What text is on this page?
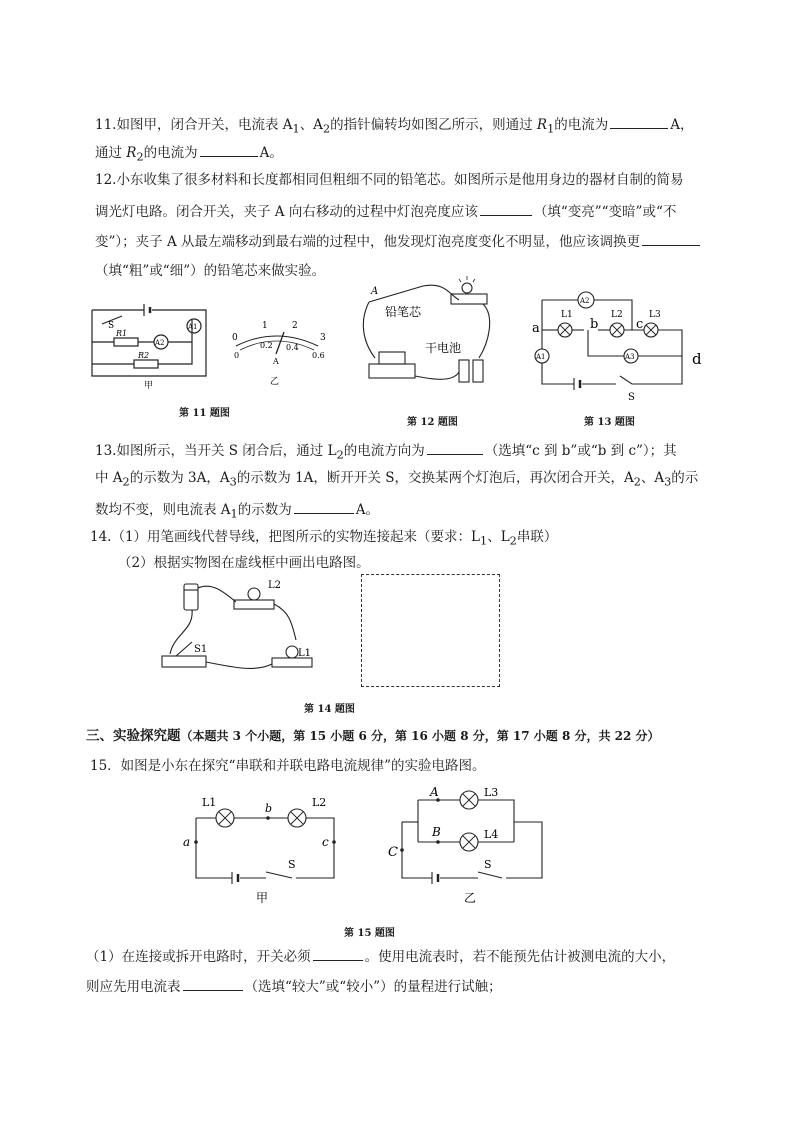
11.如图甲，闭合开关，电流表 $A_1$、$A_2$的指针偏转均如图乙所示，则通过 $R_1$的电流为	A，
通过 $R_2$的电流为	A。
12.小东收集了很多材料和长度都相同但粗细不同的铅笔芯。如图所示是他用身边的器材自制的简易
调光灯电路。闭合开关，夹子 A 向右移动的过程中灯泡亮度应该	（填“变亮”“变暗”或“不
变”）；夹子 A 从最左端移动到最右端的过程中，他发现灯泡亮度变化不明显，他应该调换更
（填“粗”或“细”）的铅笔芯来做实验。
S
R1
R2
A2
A1
甲
0
1	2
3
0
0.2 0.4
0.6
A
乙
第 11 题图
A
铅笔芯
干电池
第 12 题图
a	b	c
d
L1	L2	L3
A2
A1	A3
S
第 13 题图
13.如图所示，当开关 S 闭合后，通过 $L_2$的电流方向为	（选填“c 到 b”或“b 到 c”）；其
中 $A_2$的示数为 3A，$A_3$的示数为 1A，断开开关 S，交换某两个灯泡后，再次闭合开关，$A_2$、$A_3$的示
数均不变，则电流表 $A_1$的示数为	A。
14.（1）用笔画线代替导线，把图所示的实物连接起来（要求：$L_1$、$L_2$串联）
（2）根据实物图在虚线框中画出电路图。
L2
L1
S1
第 14 题图
三、实验探究题（本题共 3 个小题，第 15 小题 6 分，第 16 小题 8 分，第 17 小题 8 分，共 22 分）
15．如图是小东在探究“串联和并联电路电流规律”的实验电路图。
L1	L2
b
a	c
S
甲
A
B
C
L3
L4
S
乙
第 15 题图
（1）在连接或拆开电路时，开关必须	。使用电流表时，若不能预先估计被测电流的大小，
则应先用电流表	（选填“较大”或“较小”）的量程进行试触；
